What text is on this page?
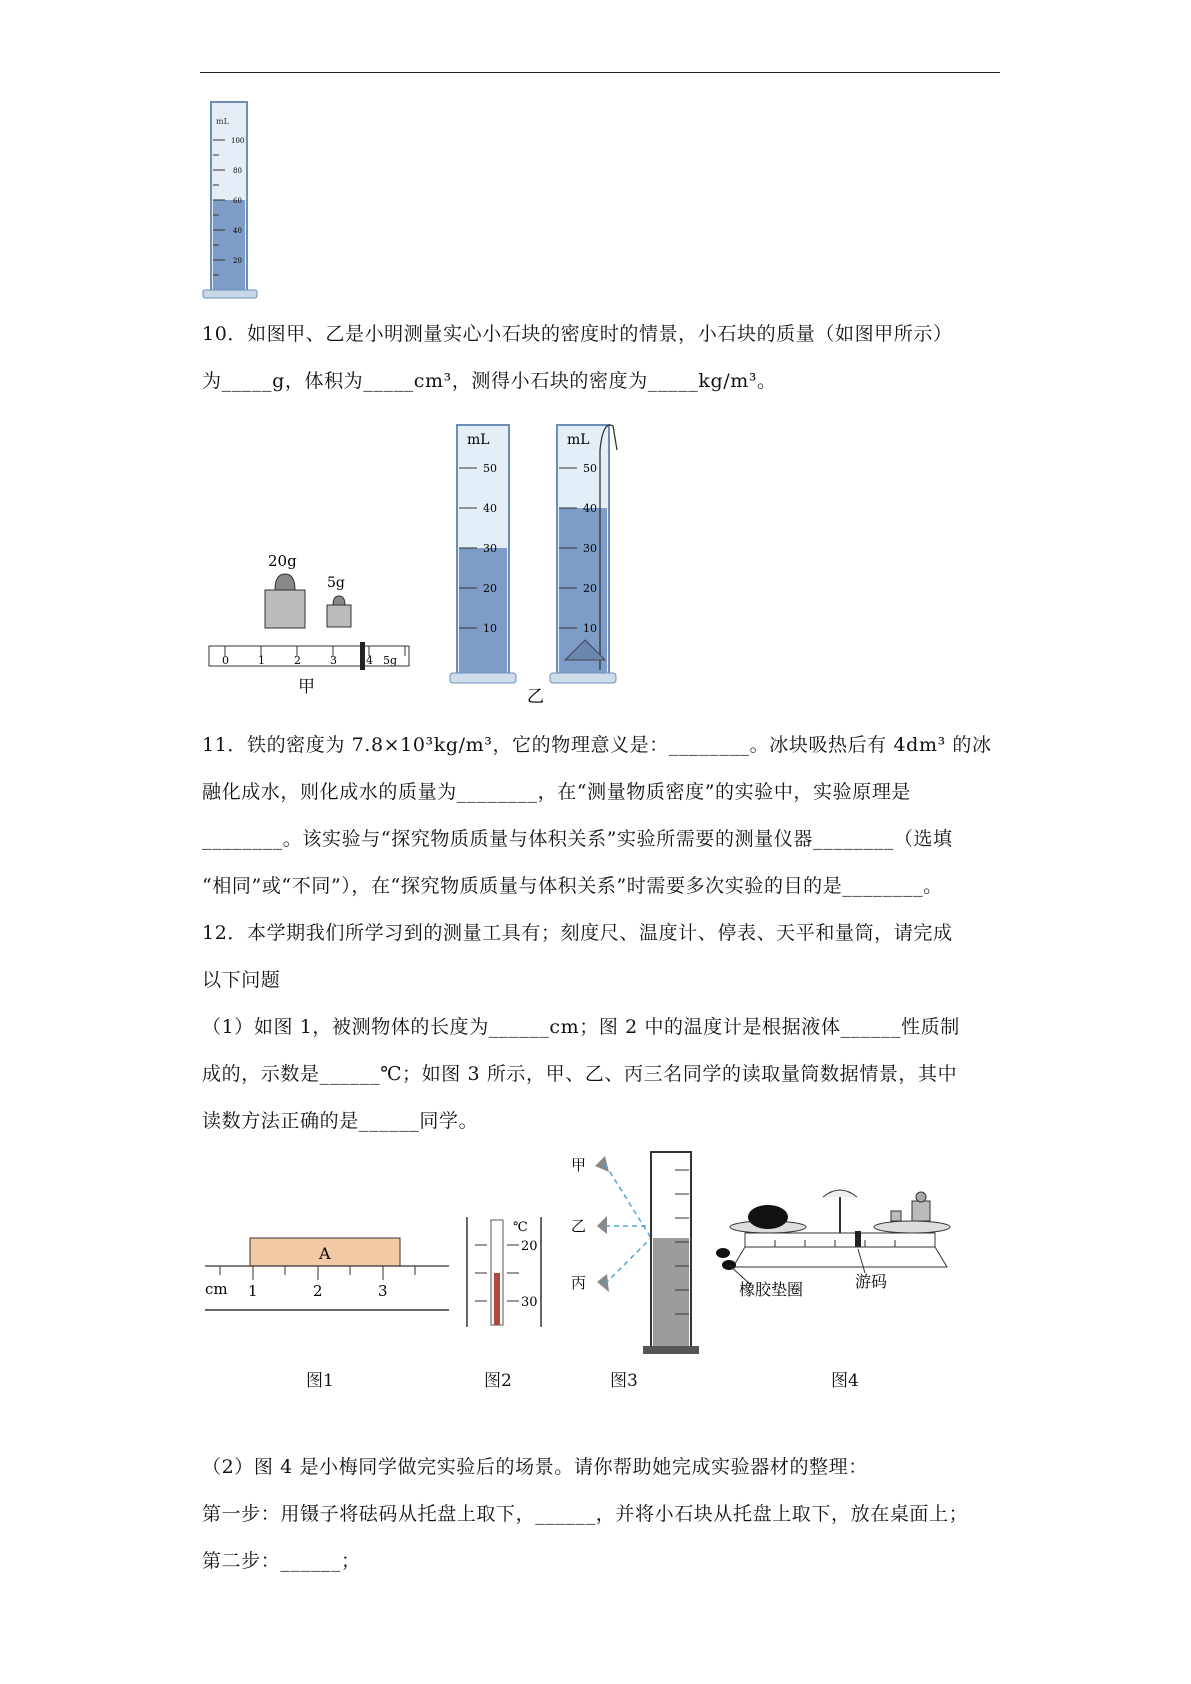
mL
100
80
60
40
20
10．如图甲、乙是小明测量实心小石块的密度时的情景，小石块的质量（如图甲所示）
为_____g，体积为_____cm³，测得小石块的密度为_____kg/m³。
20g
5g
0	1	2	3	4 5g
甲
mL
50
40
30
20
10
mL
50
40
30
20
10
乙
11．铁的密度为 7.8×10³kg/m³，它的物理意义是：________。冰块吸热后有 4dm³ 的冰
融化成水，则化成水的质量为________，在“测量物质密度”的实验中，实验原理是
________。该实验与“探究物质质量与体积关系”实验所需要的测量仪器________（选填
“相同”或“不同”），在“探究物质质量与体积关系”时需要多次实验的目的是________。
12．本学期我们所学习到的测量工具有；刻度尺、温度计、停表、天平和量筒，请完成
以下问题
（1）如图 1，被测物体的长度为______cm；图 2 中的温度计是根据液体______性质制
成的，示数是______℃；如图 3 所示，甲、乙、丙三名同学的读取量筒数据情景，其中
读数方法正确的是______同学。
A
cm 1	2	3
℃
20
30
甲
乙
丙	橡胶垫圈	游码
图1	图2	图3	图4
（2）图 4 是小梅同学做完实验后的场景。请你帮助她完成实验器材的整理：
第一步：用镊子将砝码从托盘上取下，______，并将小石块从托盘上取下，放在桌面上；
第二步：______；
